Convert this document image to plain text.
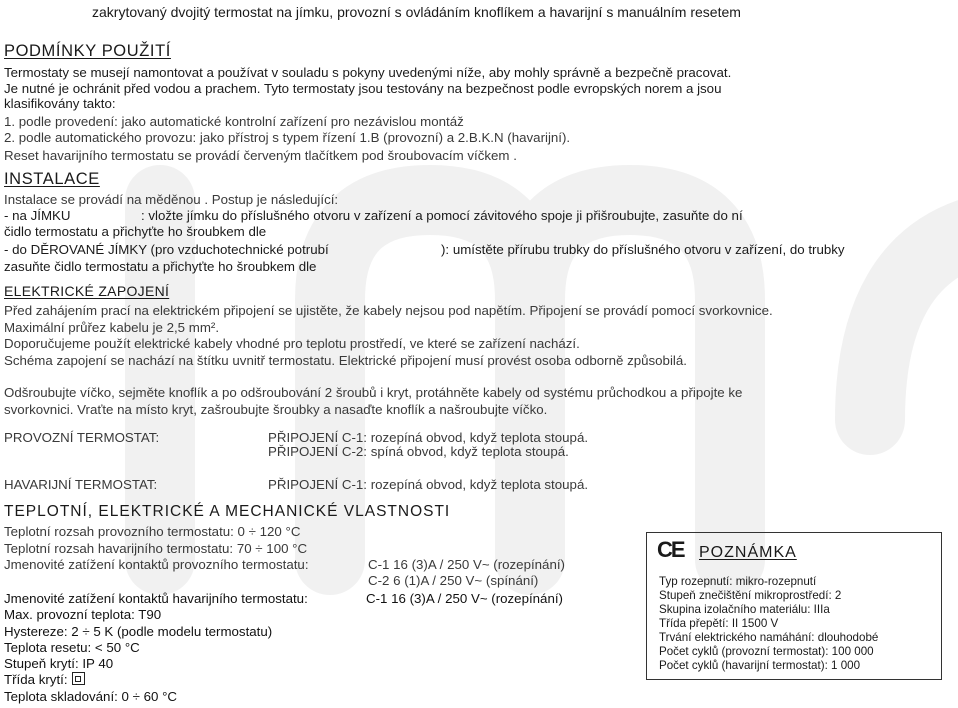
zakrytovaný dvojitý termostat na jímku, provozní s ovládáním knoflíkem a havarijní s manuálním resetem
PODMÍNKY POUŽITÍ
Termostaty se musejí namontovat a používat v souladu s pokyny uvedenými níže, aby mohly správně a bezpečně pracovat.
Je nutné je ochránit před vodou a prachem. Tyto termostaty jsou testovány na bezpečnost podle evropských norem a jsou
klasifikovány takto:
1. podle provedení: jako automatické kontrolní zařízení pro nezávislou montáž
2. podle automatického provozu: jako přístroj s typem řízení 1.B (provozní) a 2.B.K.N (havarijní).
Reset havarijního termostatu se provádí červeným tlačítkem pod šroubovacím víčkem .
INSTALACE
Instalace se provádí na měděnou . Postup je následující:
- na JÍMKU	: vložte jímku do příslušného otvoru v zařízení a pomocí závitového spoje ji přišroubujte, zasuňte do ní
čidlo termostatu a přichyťte ho šroubkem dle
- do DĚROVANÉ JÍMKY (pro vzduchotechnické potrubí	): umístěte přírubu trubky do příslušného otvoru v zařízení, do trubky
zasuňte čidlo termostatu a přichyťte ho šroubkem dle
ELEKTRICKÉ ZAPOJENÍ
Před zahájením prací na elektrickém připojení se ujistěte, že kabely nejsou pod napětím. Připojení se provádí pomocí svorkovnice.
Maximální průřez kabelu je 2,5 mm².
Doporučujeme použít elektrické kabely vhodné pro teplotu prostředí, ve které se zařízení nachází.
Schéma zapojení se nachází na štítku uvnitř termostatu. Elektrické připojení musí provést osoba odborně způsobilá.
Odšroubujte víčko, sejměte knoflík a po odšroubování 2 šroubů i kryt, protáhněte kabely od systému průchodkou a připojte ke
svorkovnici. Vraťte na místo kryt, zašroubujte šroubky a nasaďte knoflík a našroubujte víčko.
PROVOZNÍ TERMOSTAT:	PŘIPOJENÍ C-1: rozepíná obvod, když teplota stoupá.
PŘIPOJENÍ C-2: spíná obvod, když teplota stoupá.
HAVARIJNÍ TERMOSTAT:	PŘIPOJENÍ C-1: rozepíná obvod, když teplota stoupá.
TEPLOTNÍ, ELEKTRICKÉ A MECHANICKÉ VLASTNOSTI
Teplotní rozsah provozního termostatu: 0 ÷ 120 °C
Teplotní rozsah havarijního termostatu: 70 ÷ 100 °C
Jmenovité zatížení kontaktů provozního termostatu:	C-1 16 (3)A / 250 V~ (rozepínání)
C-2 6 (1)A / 250 V~ (spínání)
Jmenovité zatížení kontaktů havarijního termostatu:	C-1 16 (3)A / 250 V~ (rozepínání)
Max. provozní teplota: T90
Hystereze: 2 ÷ 5 K (podle modelu termostatu)
Teplota resetu: < 50 °C
Stupeň krytí: IP 40
Třída krytí:
Teplota skladování: 0 ÷ 60 °C
CE POZNÁMKA
Typ rozepnutí: mikro-rozepnutí
Stupeň znečištění mikroprostředí: 2
Skupina izolačního materiálu: IIIa
Třída přepětí: II 1500 V
Trvání elektrického namáhání: dlouhodobé
Počet cyklů (provozní termostat): 100 000
Počet cyklů (havarijní termostat): 1 000
